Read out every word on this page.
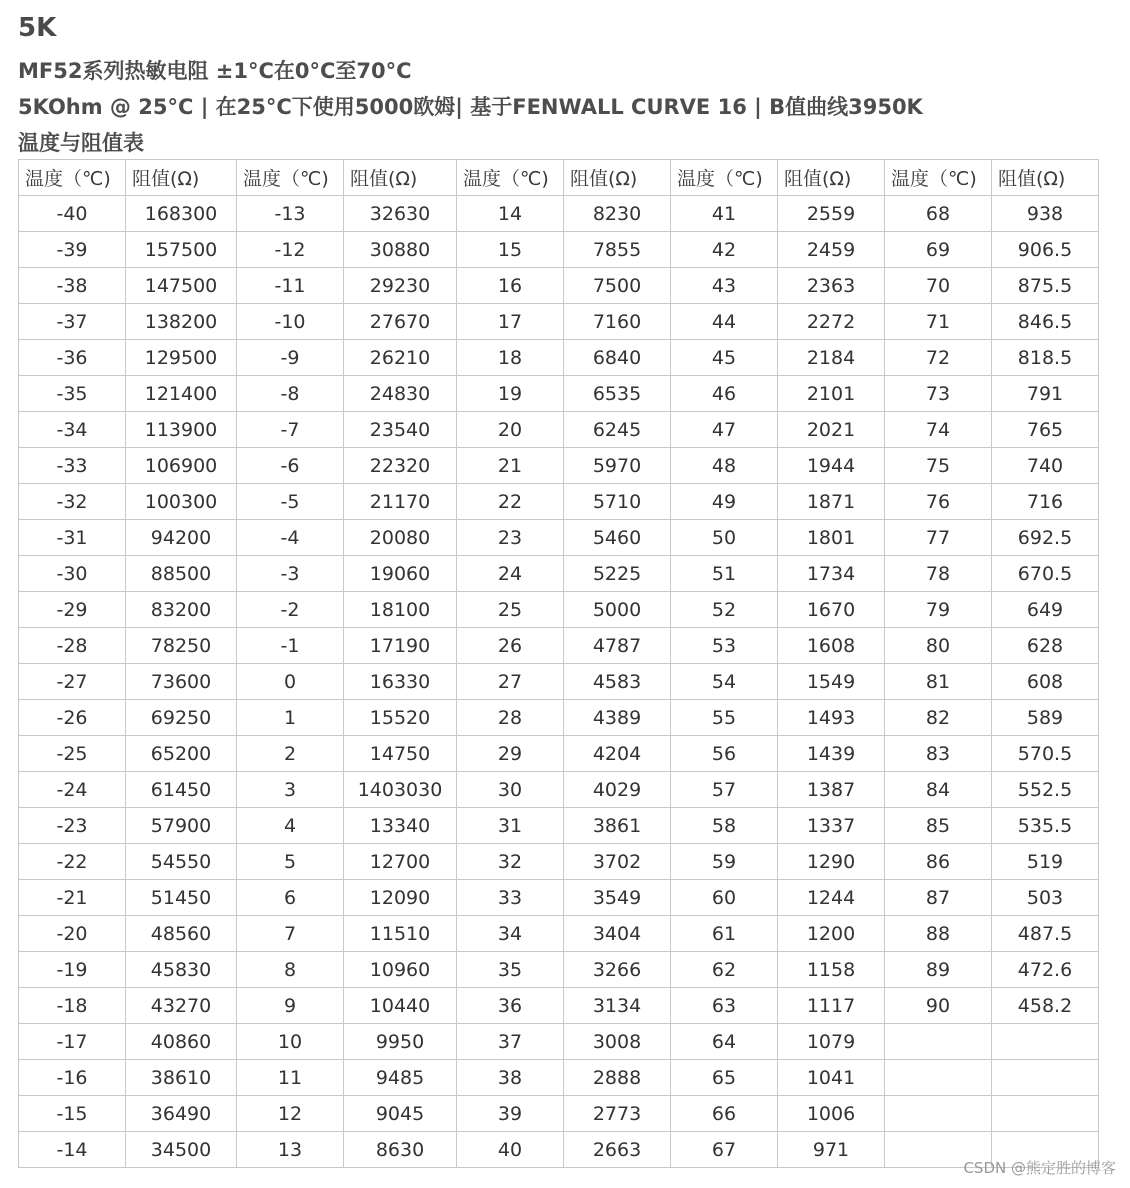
5K
MF52系列热敏电阻 ±1°C在0°C至70°C
5KOhm @ 25°C | 在25°C下使用5000欧姆| 基于FENWALL CURVE 16 | B值曲线3950K
温度与阻值表
温度（℃)	阻值(Ω)	温度（℃)	阻值(Ω)	温度（℃)	阻值(Ω)	温度（℃)	阻值(Ω)	温度（℃)	阻值(Ω)
-40	168300	-13	32630	14	8230	41	2559	68	938
-39	157500	-12	30880	15	7855	42	2459	69	906.5
-38	147500	-11	29230	16	7500	43	2363	70	875.5
-37	138200	-10	27670	17	7160	44	2272	71	846.5
-36	129500	-9	26210	18	6840	45	2184	72	818.5
-35	121400	-8	24830	19	6535	46	2101	73	791
-34	113900	-7	23540	20	6245	47	2021	74	765
-33	106900	-6	22320	21	5970	48	1944	75	740
-32	100300	-5	21170	22	5710	49	1871	76	716
-31	94200	-4	20080	23	5460	50	1801	77	692.5
-30	88500	-3	19060	24	5225	51	1734	78	670.5
-29	83200	-2	18100	25	5000	52	1670	79	649
-28	78250	-1	17190	26	4787	53	1608	80	628
-27	73600	0	16330	27	4583	54	1549	81	608
-26	69250	1	15520	28	4389	55	1493	82	589
-25	65200	2	14750	29	4204	56	1439	83	570.5
-24	61450	3	1403030	30	4029	57	1387	84	552.5
-23	57900	4	13340	31	3861	58	1337	85	535.5
-22	54550	5	12700	32	3702	59	1290	86	519
-21	51450	6	12090	33	3549	60	1244	87	503
-20	48560	7	11510	34	3404	61	1200	88	487.5
-19	45830	8	10960	35	3266	62	1158	89	472.6
-18	43270	9	10440	36	3134	63	1117	90	458.2
-17	40860	10	9950	37	3008	64	1079		
-16	38610	11	9485	38	2888	65	1041		
-15	36490	12	9045	39	2773	66	1006		
-14	34500	13	8630	40	2663	67	971		
CSDN @熊定胜的博客
